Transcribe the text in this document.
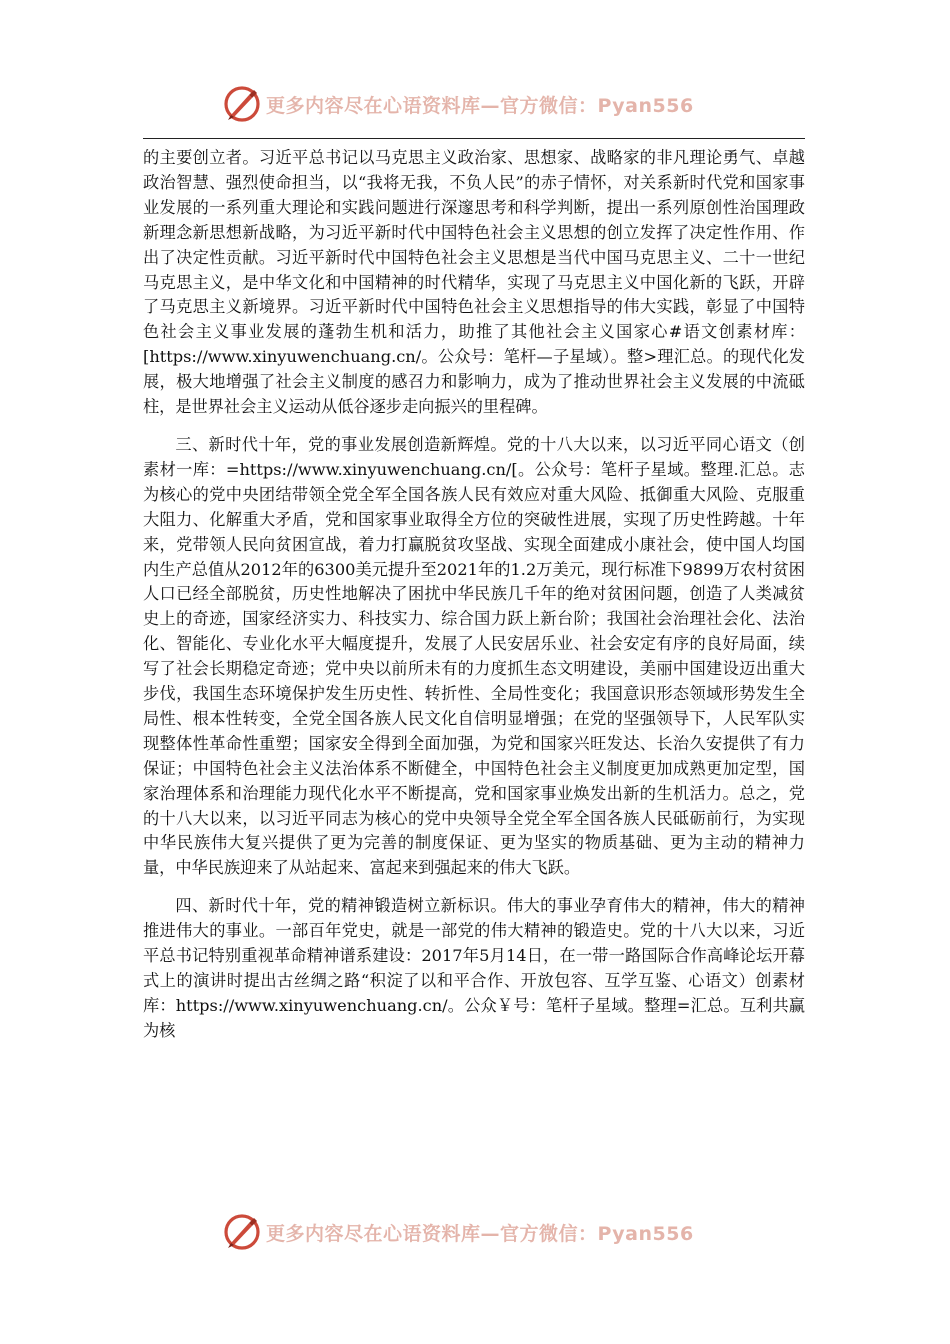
更多内容尽在心语资料库—官方微信：Pyan556

的主要创立者。习近平总书记以马克思主义政治家、思想家、战略家的非凡理论勇气、卓越政治智慧、强烈使命担当，以“我将无我，不负人民”的赤子情怀，对关系新时代党和国家事业发展的一系列重大理论和实践问题进行深邃思考和科学判断，提出一系列原创性治国理政新理念新思想新战略，为习近平新时代中国特色社会主义思想的创立发挥了决定性作用、作出了决定性贡献。习近平新时代中国特色社会主义思想是当代中国马克思主义、二十一世纪马克思主义，是中华文化和中国精神的时代精华，实现了马克思主义中国化新的飞跃，开辟了马克思主义新境界。习近平新时代中国特色社会主义思想指导的伟大实践，彰显了中国特色社会主义事业发展的蓬勃生机和活力，助推了其他社会主义国家心#语文创素材库：[https://www.xinyuwenchuang.cn/。公众号：笔杆—子星域）。整>理汇总。的现代化发展，极大地增强了社会主义制度的感召力和影响力，成为了推动世界社会主义发展的中流砥柱，是世界社会主义运动从低谷逐步走向振兴的里程碑。

三、新时代十年，党的事业发展创造新辉煌。党的十八大以来，以习近平同心语文（创素材一库：=https://www.xinyuwenchuang.cn/[。公众号：笔杆子星域。整理.汇总。志为核心的党中央团结带领全党全军全国各族人民有效应对重大风险、抵御重大风险、克服重大阻力、化解重大矛盾，党和国家事业取得全方位的突破性进展，实现了历史性跨越。十年来，党带领人民向贫困宣战，着力打赢脱贫攻坚战、实现全面建成小康社会，使中国人均国内生产总值从2012年的6300美元提升至2021年的1.2万美元，现行标准下9899万农村贫困人口已经全部脱贫，历史性地解决了困扰中华民族几千年的绝对贫困问题，创造了人类减贫史上的奇迹，国家经济实力、科技实力、综合国力跃上新台阶；我国社会治理社会化、法治化、智能化、专业化水平大幅度提升，发展了人民安居乐业、社会安定有序的良好局面，续写了社会长期稳定奇迹；党中央以前所未有的力度抓生态文明建设，美丽中国建设迈出重大步伐，我国生态环境保护发生历史性、转折性、全局性变化；我国意识形态领域形势发生全局性、根本性转变，全党全国各族人民文化自信明显增强；在党的坚强领导下，人民军队实现整体性革命性重塑；国家安全得到全面加强，为党和国家兴旺发达、长治久安提供了有力保证；中国特色社会主义法治体系不断健全，中国特色社会主义制度更加成熟更加定型，国家治理体系和治理能力现代化水平不断提高，党和国家事业焕发出新的生机活力。总之，党的十八大以来，以习近平同志为核心的党中央领导全党全军全国各族人民砥砺前行，为实现中华民族伟大复兴提供了更为完善的制度保证、更为坚实的物质基础、更为主动的精神力量，中华民族迎来了从站起来、富起来到强起来的伟大飞跃。

四、新时代十年，党的精神锻造树立新标识。伟大的事业孕育伟大的精神，伟大的精神推进伟大的事业。一部百年党史，就是一部党的伟大精神的锻造史。党的十八大以来，习近平总书记特别重视革命精神谱系建设：2017年5月14日，在一带一路国际合作高峰论坛开幕式上的演讲时提出古丝绸之路“积淀了以和平合作、开放包容、互学互鉴、心语文）创素材库：https://www.xinyuwenchuang.cn/。公众￥号：笔杆子星域。整理=汇总。互利共赢为核

更多内容尽在心语资料库—官方微信：Pyan556
